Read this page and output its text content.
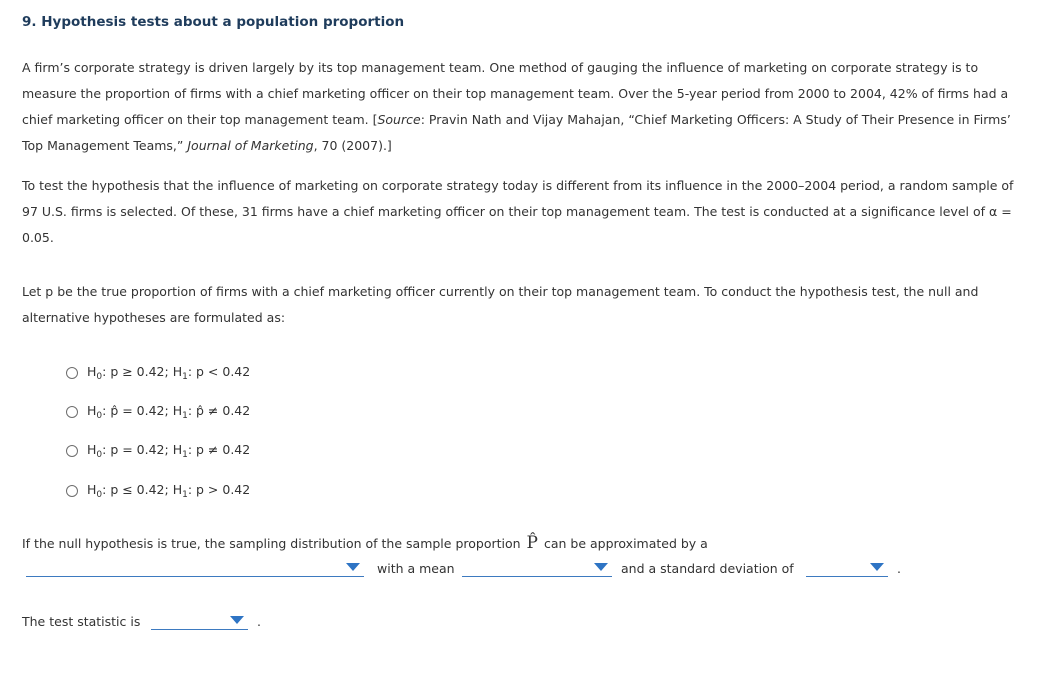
9. Hypothesis tests about a population proportion

A firm’s corporate strategy is driven largely by its top management team. One method of gauging the influence of marketing on corporate strategy is to measure the proportion of firms with a chief marketing officer on their top management team. Over the 5-year period from 2000 to 2004, 42% of firms had a chief marketing officer on their top management team. [Source: Pravin Nath and Vijay Mahajan, “Chief Marketing Officers: A Study of Their Presence in Firms’ Top Management Teams,” Journal of Marketing, 70 (2007).]

To test the hypothesis that the influence of marketing on corporate strategy today is different from its influence in the 2000–2004 period, a random sample of 97 U.S. firms is selected. Of these, 31 firms have a chief marketing officer on their top management team. The test is conducted at a significance level of α = 0.05.

Let p be the true proportion of firms with a chief marketing officer currently on their top management team. To conduct the hypothesis test, the null and alternative hypotheses are formulated as:

$H_0$: p ≥ 0.42; $H_1$: p < 0.42
$H_0$: p̂ = 0.42; $H_1$: p̂ ≠ 0.42
$H_0$: p = 0.42; $H_1$: p ≠ 0.42
$H_0$: p ≤ 0.42; $H_1$: p > 0.42

If the null hypothesis is true, the sampling distribution of the sample proportion P̂ can be approximated by a

with a mean	and a standard deviation of	.

The test statistic is	.
